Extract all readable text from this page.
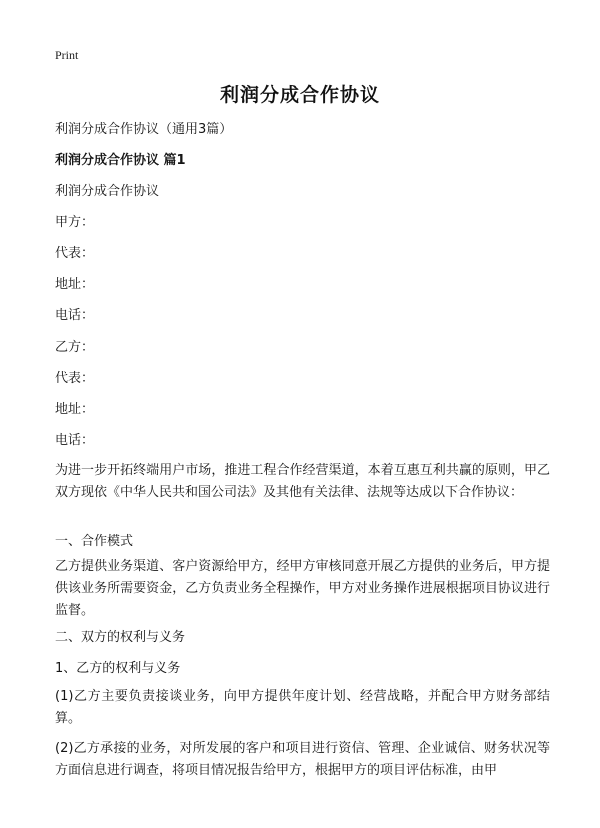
Print
利润分成合作协议
利润分成合作协议（通用3篇）
利润分成合作协议 篇1
利润分成合作协议
甲方：
代表：
地址：
电话：
乙方：
代表：
地址：
电话：
为进一步开拓终端用户市场，推进工程合作经营渠道，本着互惠互利共赢的原则，甲乙双方现依《中华人民共和国公司法》及其他有关法律、法规等达成以下合作协议：
一、合作模式
乙方提供业务渠道、客户资源给甲方，经甲方审核同意开展乙方提供的业务后，甲方提供该业务所需要资金，乙方负责业务全程操作，甲方对业务操作进展根据项目协议进行监督。
二、双方的权利与义务
1、乙方的权利与义务
(1)乙方主要负责接谈业务，向甲方提供年度计划、经营战略，并配合甲方财务部结算。
(2)乙方承接的业务，对所发展的客户和项目进行资信、管理、企业诚信、财务状况等方面信息进行调查，将项目情况报告给甲方，根据甲方的项目评估标准，由甲
